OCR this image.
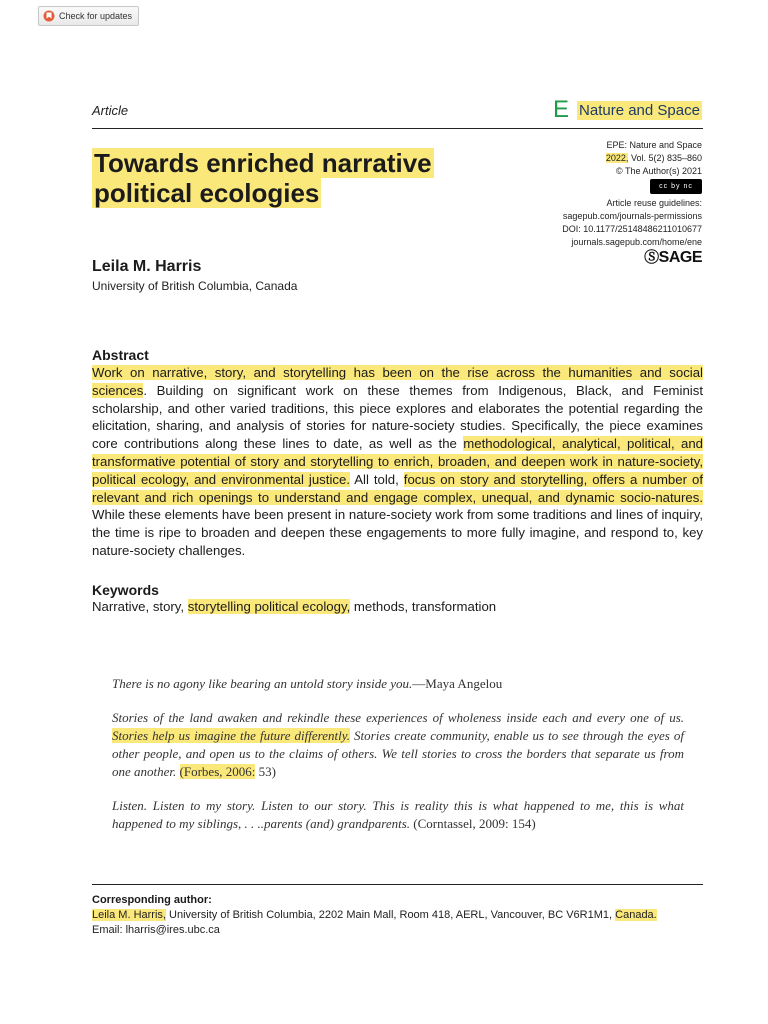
Check for updates
Article	E Nature and Space
Towards enriched narrative
political ecologies
EPE: Nature and Space
2022, Vol. 5(2) 835–860
© The Author(s) 2021
cc by nc
Article reuse guidelines:
sagepub.com/journals-permissions
DOI: 10.1177/25148486211010677
journals.sagepub.com/home/ene
ⓈSAGE
Leila M. Harris
University of British Columbia, Canada
Abstract

Work on narrative, story, and storytelling has been on the rise across the humanities and social sciences. Building on significant work on these themes from Indigenous, Black, and Feminist scholarship, and other varied traditions, this piece explores and elaborates the potential regarding the elicitation, sharing, and analysis of stories for nature-society studies. Specifically, the piece examines core contributions along these lines to date, as well as the methodological, analytical, political, and transformative potential of story and storytelling to enrich, broaden, and deepen work in nature-society, political ecology, and environmental justice. All told, focus on story and storytelling, offers a number of relevant and rich openings to understand and engage complex, unequal, and dynamic socio-natures. While these elements have been present in nature-society work from some traditions and lines of inquiry, the time is ripe to broaden and deepen these engagements to more fully imagine, and respond to, key nature-society challenges.

Keywords
Narrative, story, storytelling political ecology, methods, transformation

There is no agony like bearing an untold story inside you.—Maya Angelou

Stories of the land awaken and rekindle these experiences of wholeness inside each and every one of us. Stories help us imagine the future differently. Stories create community, enable us to see through the eyes of other people, and open us to the claims of others. We tell stories to cross the borders that separate us from one another. (Forbes, 2006: 53)

Listen. Listen to my story. Listen to our story. This is reality this is what happened to me, this is what happened to my siblings, . . ..parents (and) grandparents. (Corntassel, 2009: 154)

Corresponding author:
Leila M. Harris, University of British Columbia, 2202 Main Mall, Room 418, AERL, Vancouver, BC V6R1M1, Canada.
Email: lharris@ires.ubc.ca
